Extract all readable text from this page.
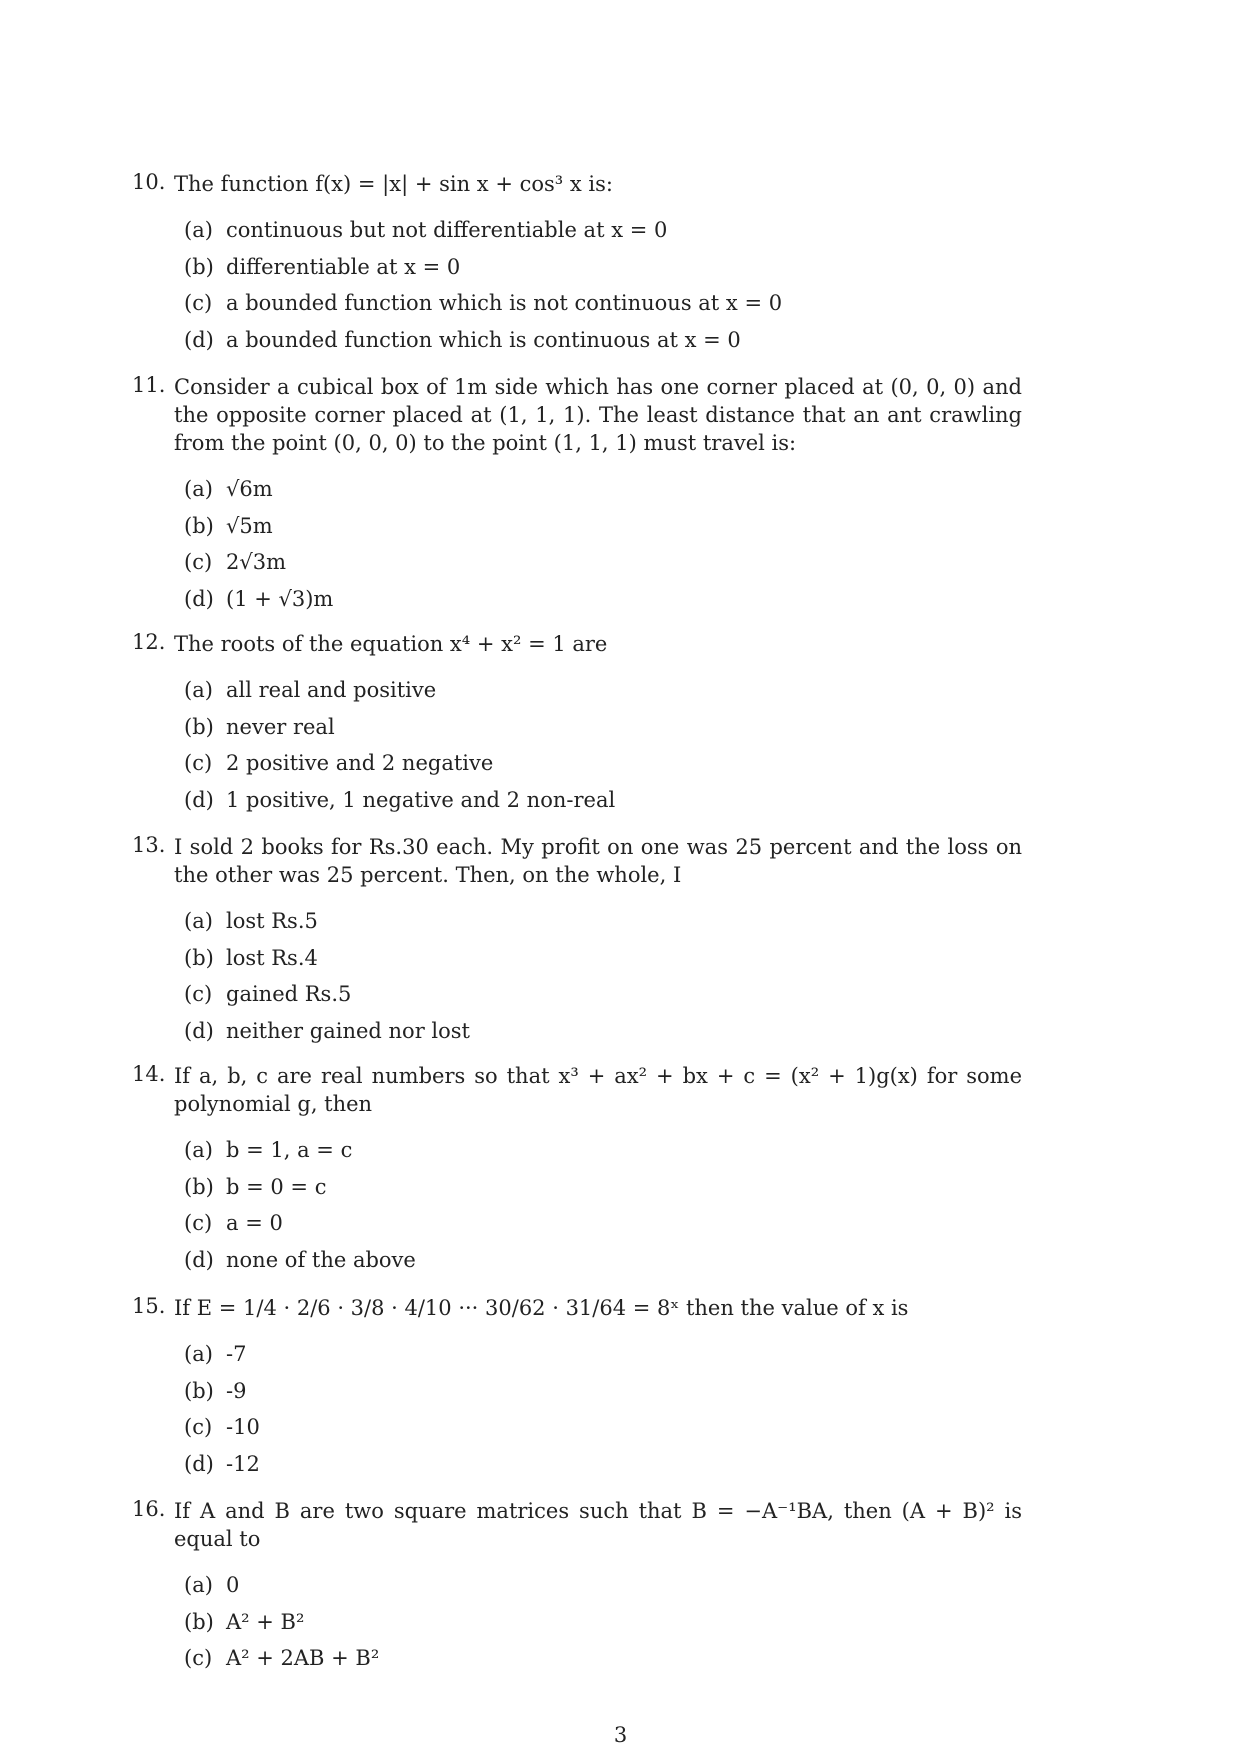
10. The function f(x) = |x| + sin x + cos³ x is:
(a) continuous but not differentiable at x = 0
(b) differentiable at x = 0
(c) a bounded function which is not continuous at x = 0
(d) a bounded function which is continuous at x = 0
11. Consider a cubical box of 1m side which has one corner placed at (0, 0, 0) and the opposite corner placed at (1, 1, 1). The least distance that an ant crawling from the point (0, 0, 0) to the point (1, 1, 1) must travel is:
(a) √6m
(b) √5m
(c) 2√3m
(d) (1 + √3)m
12. The roots of the equation x⁴ + x² = 1 are
(a) all real and positive
(b) never real
(c) 2 positive and 2 negative
(d) 1 positive, 1 negative and 2 non-real
13. I sold 2 books for Rs.30 each. My profit on one was 25 percent and the loss on the other was 25 percent. Then, on the whole, I
(a) lost Rs.5
(b) lost Rs.4
(c) gained Rs.5
(d) neither gained nor lost
14. If a, b, c are real numbers so that x³ + ax² + bx + c = (x² + 1)g(x) for some polynomial g, then
(a) b = 1, a = c
(b) b = 0 = c
(c) a = 0
(d) none of the above
15. If E = 1/4 · 2/6 · 3/8 · 4/10 ··· 30/62 · 31/64 = 8ˣ then the value of x is
(a) -7
(b) -9
(c) -10
(d) -12
16. If A and B are two square matrices such that B = −A⁻¹BA, then (A + B)² is equal to
(a) 0
(b) A² + B²
(c) A² + 2AB + B²
3
